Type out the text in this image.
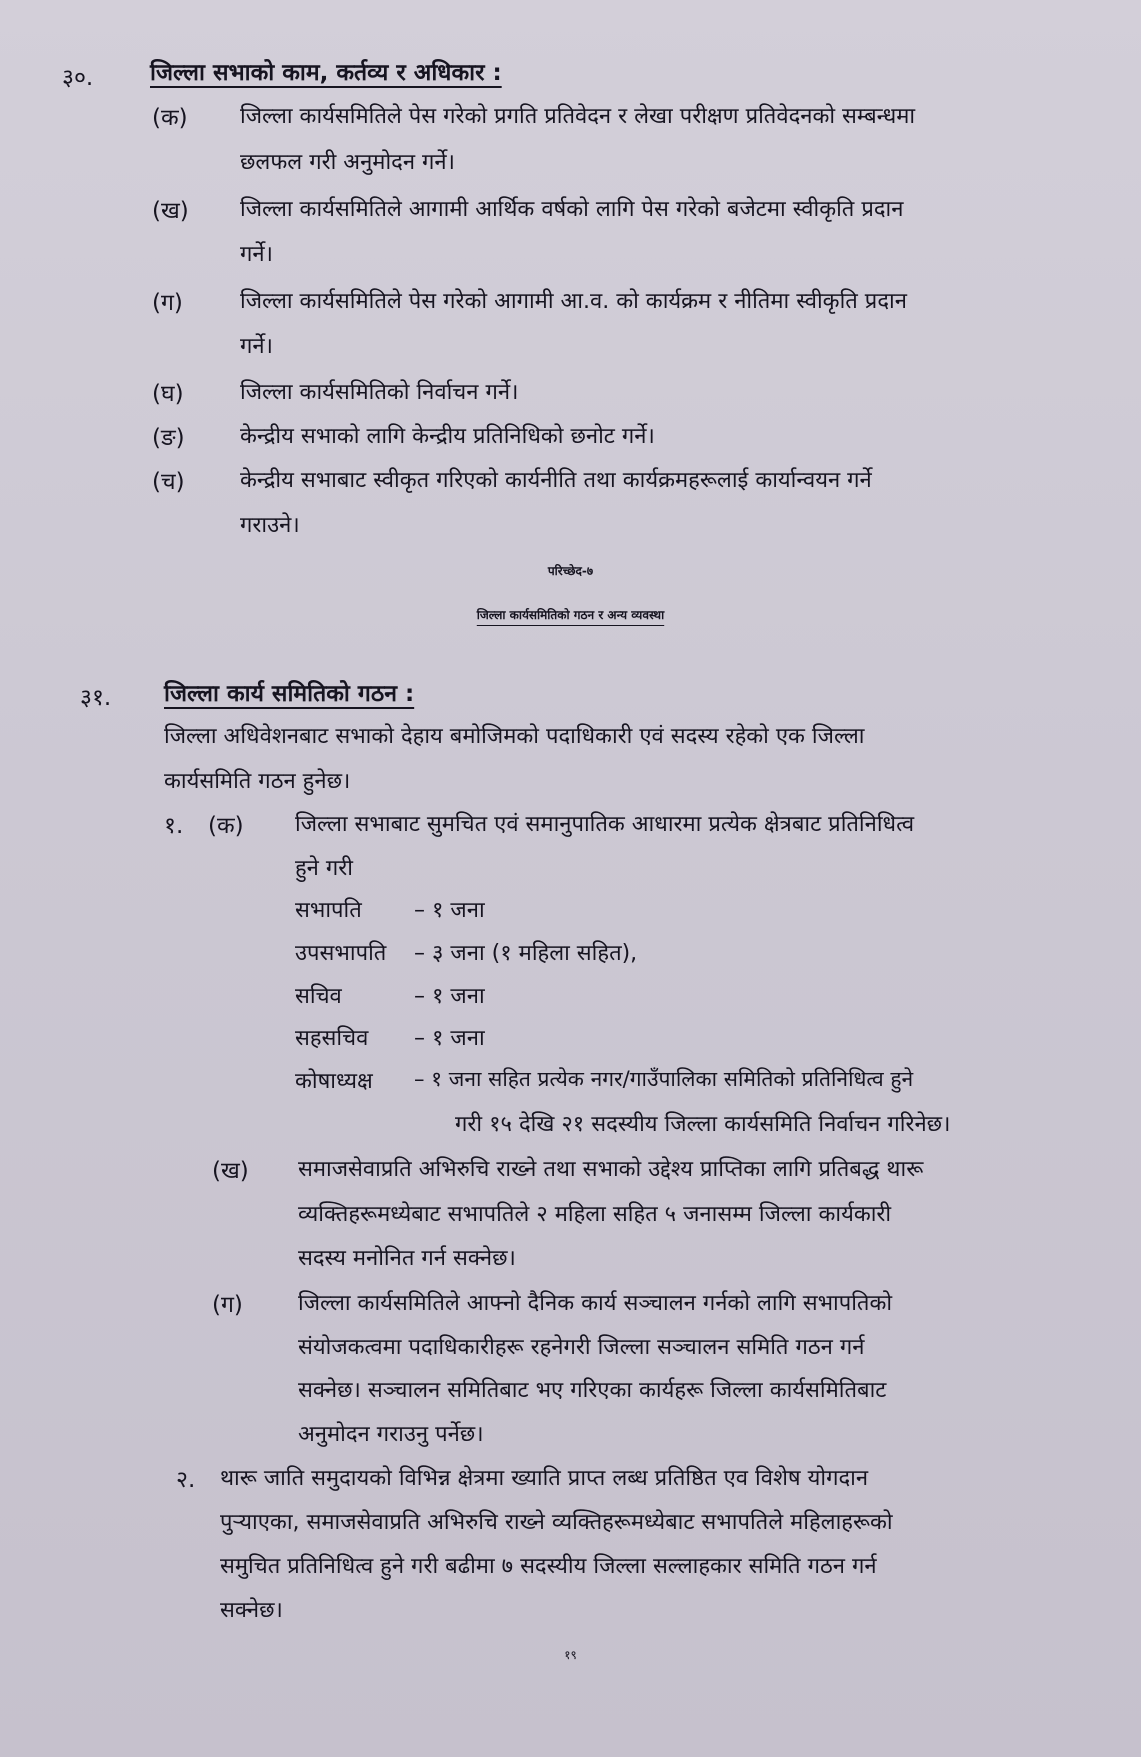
३०. जिल्ला सभाको काम, कर्तव्य र अधिकार :
(क) जिल्ला कार्यसमितिले पेस गरेको प्रगति प्रतिवेदन र लेखा परीक्षण प्रतिवेदनको सम्बन्धमा
छलफल गरी अनुमोदन गर्ने।
(ख) जिल्ला कार्यसमितिले आगामी आर्थिक वर्षको लागि पेस गरेको बजेटमा स्वीकृति प्रदान
गर्ने।
(ग)	जिल्ला कार्यसमितिले पेस गरेको आगामी आ.व. को कार्यक्रम र नीतिमा स्वीकृति प्रदान
गर्ने।
(घ)	जिल्ला कार्यसमितिको निर्वाचन गर्ने।
(ङ)	केन्द्रीय सभाको लागि केन्द्रीय प्रतिनिधिको छनोट गर्ने।
(च)	केन्द्रीय सभाबाट स्वीकृत गरिएको कार्यनीति तथा कार्यक्रमहरूलाई कार्यान्वयन गर्ने
गराउने।
परिच्छेद-७
जिल्ला कार्यसमितिको गठन र अन्य व्यवस्था
३१. जिल्ला कार्य समितिको गठन :
जिल्ला अधिवेशनबाट सभाको देहाय बमोजिमको पदाधिकारी एवं सदस्य रहेको एक जिल्ला
कार्यसमिति गठन हुनेछ।
१. (क) जिल्ला सभाबाट सुमचित एवं समानुपातिक आधारमा प्रत्येक क्षेत्रबाट प्रतिनिधित्व
हुने गरी
सभापति – १ जना
उपसभापति – ३ जना (१ महिला सहित),
सचिव	– १ जना
सहसचिव – १ जना
कोषाध्यक्ष – १ जना सहित प्रत्येक नगर/गाउँपालिका समितिको प्रतिनिधित्व हुने
गरी १५ देखि २१ सदस्यीय जिल्ला कार्यसमिति निर्वाचन गरिनेछ।
(ख) समाजसेवाप्रति अभिरुचि राख्ने तथा सभाको उद्देश्य प्राप्तिका लागि प्रतिबद्ध थारू
व्यक्तिहरूमध्येबाट सभापतिले २ महिला सहित ५ जनासम्म जिल्ला कार्यकारी
सदस्य मनोनित गर्न सक्नेछ।
(ग)	जिल्ला कार्यसमितिले आफ्नो दैनिक कार्य सञ्चालन गर्नको लागि सभापतिको
संयोजकत्वमा पदाधिकारीहरू रहनेगरी जिल्ला सञ्चालन समिति गठन गर्न
सक्नेछ। सञ्चालन समितिबाट भए गरिएका कार्यहरू जिल्ला कार्यसमितिबाट
अनुमोदन गराउनु पर्नेछ।
२. थारू जाति समुदायको विभिन्न क्षेत्रमा ख्याति प्राप्त लब्ध प्रतिष्ठित एव विशेष योगदान
पुऱ्याएका, समाजसेवाप्रति अभिरुचि राख्ने व्यक्तिहरूमध्येबाट सभापतिले महिलाहरूको
समुचित प्रतिनिधित्व हुने गरी बढीमा ७ सदस्यीय जिल्ला सल्लाहकार समिति गठन गर्न
सक्नेछ।
१९
